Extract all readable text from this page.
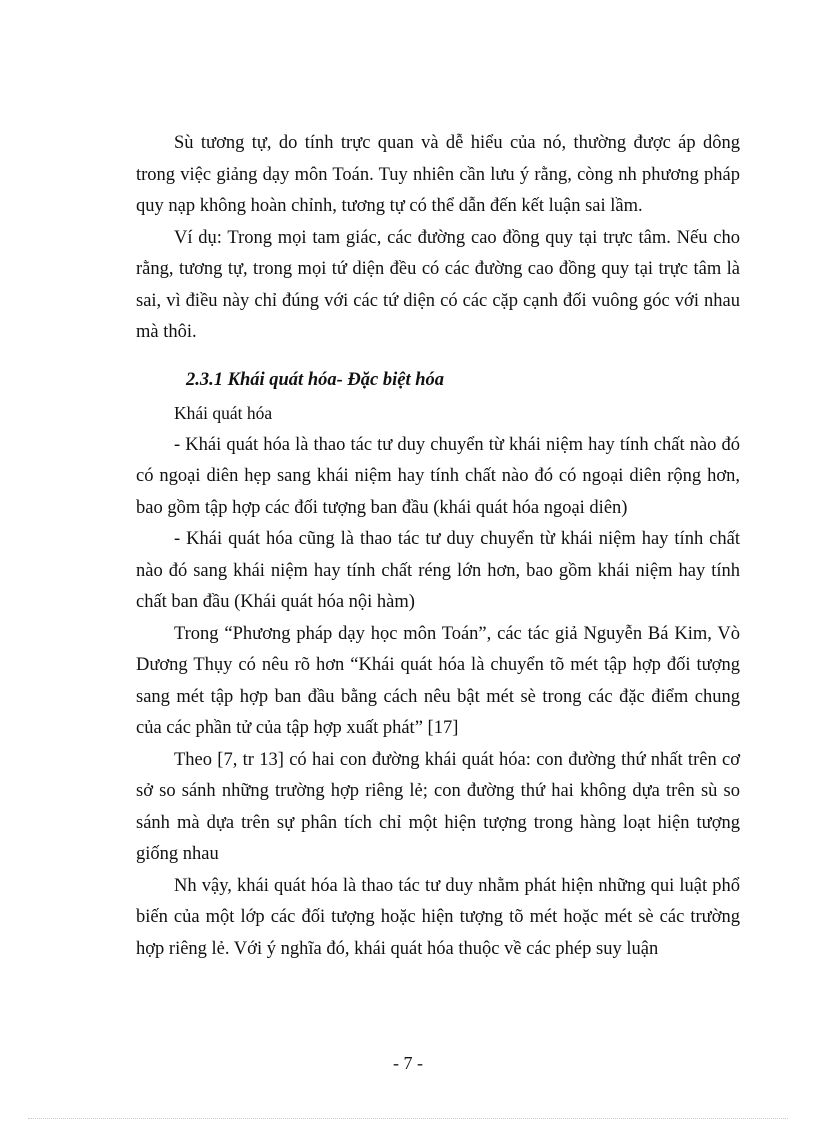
Sù tương tự, do tính trực quan và dễ hiểu của nó, thường được áp dông trong việc giảng dạy môn Toán. Tuy nhiên cần lưu ý rằng, còng nh phương pháp quy nạp không hoàn chỉnh, tương tự có thể dẫn đến kết luận sai lầm.

Ví dụ: Trong mọi tam giác, các đường cao đồng quy tại trực tâm. Nếu cho rằng, tương tự, trong mọi tứ diện đều có các đường cao đồng quy tại trực tâm là sai, vì điều này chỉ đúng với các tứ diện có các cặp cạnh đối vuông góc với nhau mà thôi.

2.3.1 Khái quát hóa- Đặc biệt hóa
Khái quát hóa

- Khái quát hóa là thao tác tư duy chuyển từ khái niệm hay tính chất nào đó có ngoại diên hẹp sang khái niệm hay tính chất nào đó có ngoại diên rộng hơn, bao gồm tập hợp các đối tượng ban đầu (khái quát hóa ngoại diên)

- Khái quát hóa cũng là thao tác tư duy chuyển từ khái niệm hay tính chất nào đó sang khái niệm hay tính chất réng lớn hơn, bao gồm khái niệm hay tính chất ban đầu (Khái quát hóa nội hàm)

Trong “Phương pháp dạy học môn Toán”, các tác giả Nguyễn Bá Kim, Vò Dương Thụy có nêu rõ hơn “Khái quát hóa là chuyển tõ mét tập hợp đối tượng sang mét tập hợp ban đầu bằng cách nêu bật mét sè trong các đặc điểm chung của các phần tử của tập hợp xuất phát” [17]

Theo [7, tr 13] có hai con đường khái quát hóa: con đường thứ nhất trên cơ sở so sánh những trường hợp riêng lẻ; con đường thứ hai không dựa trên sù so sánh mà dựa trên sự phân tích chỉ một hiện tượng trong hàng loạt hiện tượng giống nhau

Nh vậy, khái quát hóa là thao tác tư duy nhằm phát hiện những qui luật phổ biến của một lớp các đối tượng hoặc hiện tượng tõ mét hoặc mét sè các trường hợp riêng lẻ. Với ý nghĩa đó, khái quát hóa thuộc về các phép suy luận

- 7 -
